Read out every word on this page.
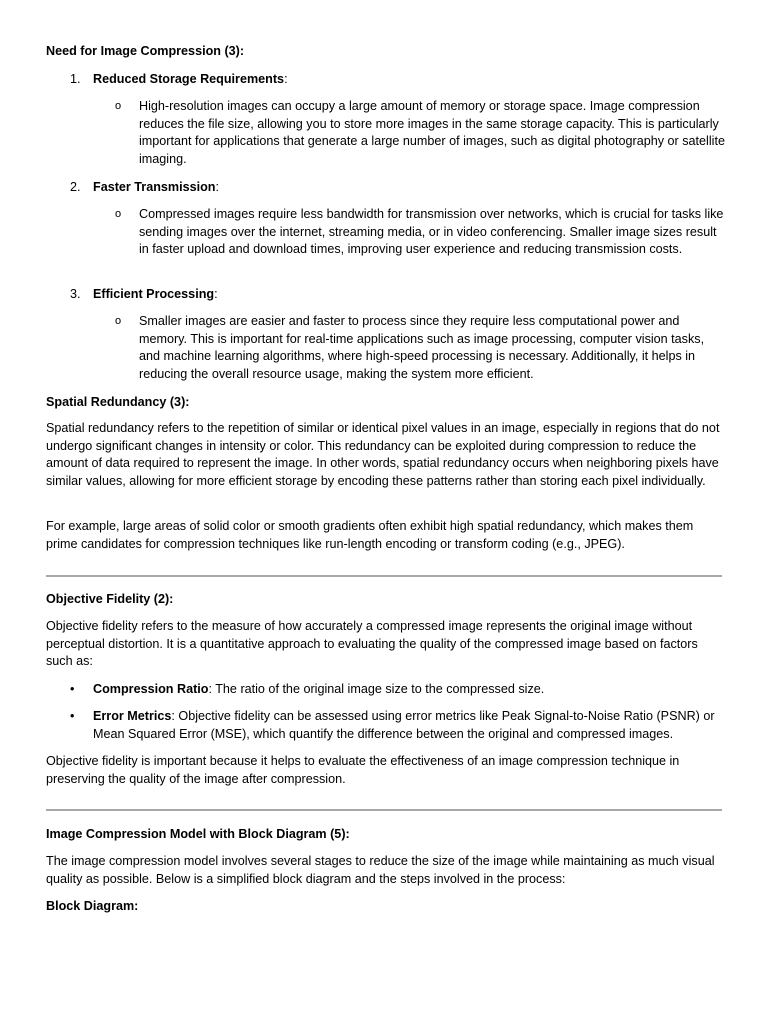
Need for Image Compression (3):

1. Reduced Storage Requirements:

o High-resolution images can occupy a large amount of memory or storage space. Image compression reduces the file size, allowing you to store more images in the same storage capacity. This is particularly important for applications that generate a large number of images, such as digital photography or satellite imaging.

2. Faster Transmission:

o Compressed images require less bandwidth for transmission over networks, which is crucial for tasks like sending images over the internet, streaming media, or in video conferencing. Smaller image sizes result in faster upload and download times, improving user experience and reducing transmission costs.

3. Efficient Processing:

o Smaller images are easier and faster to process since they require less computational power and memory. This is important for real-time applications such as image processing, computer vision tasks, and machine learning algorithms, where high-speed processing is necessary. Additionally, it helps in reducing the overall resource usage, making the system more efficient.

Spatial Redundancy (3):

Spatial redundancy refers to the repetition of similar or identical pixel values in an image, especially in regions that do not undergo significant changes in intensity or color. This redundancy can be exploited during compression to reduce the amount of data required to represent the image. In other words, spatial redundancy occurs when neighboring pixels have similar values, allowing for more efficient storage by encoding these patterns rather than storing each pixel individually.

For example, large areas of solid color or smooth gradients often exhibit high spatial redundancy, which makes them prime candidates for compression techniques like run-length encoding or transform coding (e.g., JPEG).

Objective Fidelity (2):

Objective fidelity refers to the measure of how accurately a compressed image represents the original image without perceptual distortion. It is a quantitative approach to evaluating the quality of the compressed image based on factors such as:

• Compression Ratio: The ratio of the original image size to the compressed size.
• Error Metrics: Objective fidelity can be assessed using error metrics like Peak Signal-to-Noise Ratio (PSNR) or Mean Squared Error (MSE), which quantify the difference between the original and compressed images.

Objective fidelity is important because it helps to evaluate the effectiveness of an image compression technique in preserving the quality of the image after compression.

Image Compression Model with Block Diagram (5):

The image compression model involves several stages to reduce the size of the image while maintaining as much visual quality as possible. Below is a simplified block diagram and the steps involved in the process:

Block Diagram:
